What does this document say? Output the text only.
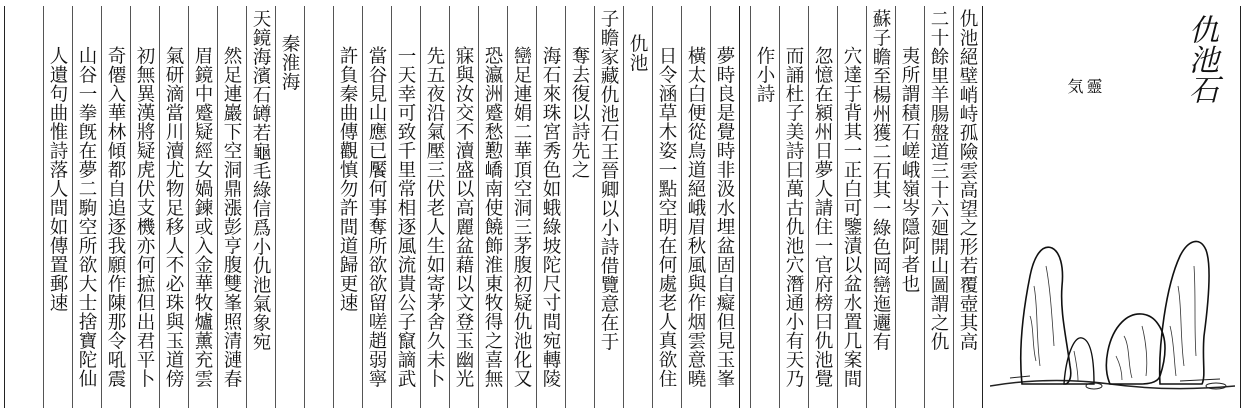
仇池石
靈
気
仇池絕壁峭峙孤險雲高望之形若覆壺其高
二十餘里羊腸盤道三十六廻開山圖謂之仇
夷所謂積石嵯峨嶺岑隱阿者也
蘇子瞻至楊州獲二石其一綠色岡巒迤邐有
穴達于背其一正白可鑒漬以盆水置几案間
忽憶在潁州日夢人請住一官府榜曰仇池覺
而誦杜子美詩曰萬古仇池穴潛通小有天乃
作小詩
夢時良是覺時非汲水埋盆固自癡但見玉峯
橫太白便從鳥道絕峨眉秋風與作烟雲意曉
日令涵草木姿一點空明在何處老人真欲住
仇池
子瞻家藏仇池石王晉卿以小詩借覽意在于
奪去復以詩先之
海石來珠宮秀色如蛾綠坡陀尺寸間宛轉陵
巒足連娟二華頂空洞三茅腹初疑仇池化又
恐瀛洲蹙愁懃嶠南使饒飾淮東牧得之喜無
寐與汝交不瀆盛以高麗盆藉以文登玉幽光
先五夜沿氣壓三伏老人生如寄茅舍久未卜
一天幸可致千里常相逐風流貴公子竄謫武
當谷見山應已饜何事奪所欲欲留嗟趙弱寧
許負秦曲傳觀慎勿許間道歸更速
秦淮海
天鏡海濱石罇若龜毛綠信爲小仇池氣象宛
然足連巖下空洞鼎漲彭亨腹雙峯照清漣春
眉鏡中蹙疑經女媧鍊或入金華牧爐薰充雲
氣研滴當川瀆尤物足移人不必珠與玉道傍
初無異漢將疑虎伏支機亦何摭但出君平卜
奇僊入華林傾都自追逐我願作陳那令吼震
山谷一拳旣在夢二駒空所欲大士捨寶陀仙
人遺句曲惟詩落人間如傳置郵速
